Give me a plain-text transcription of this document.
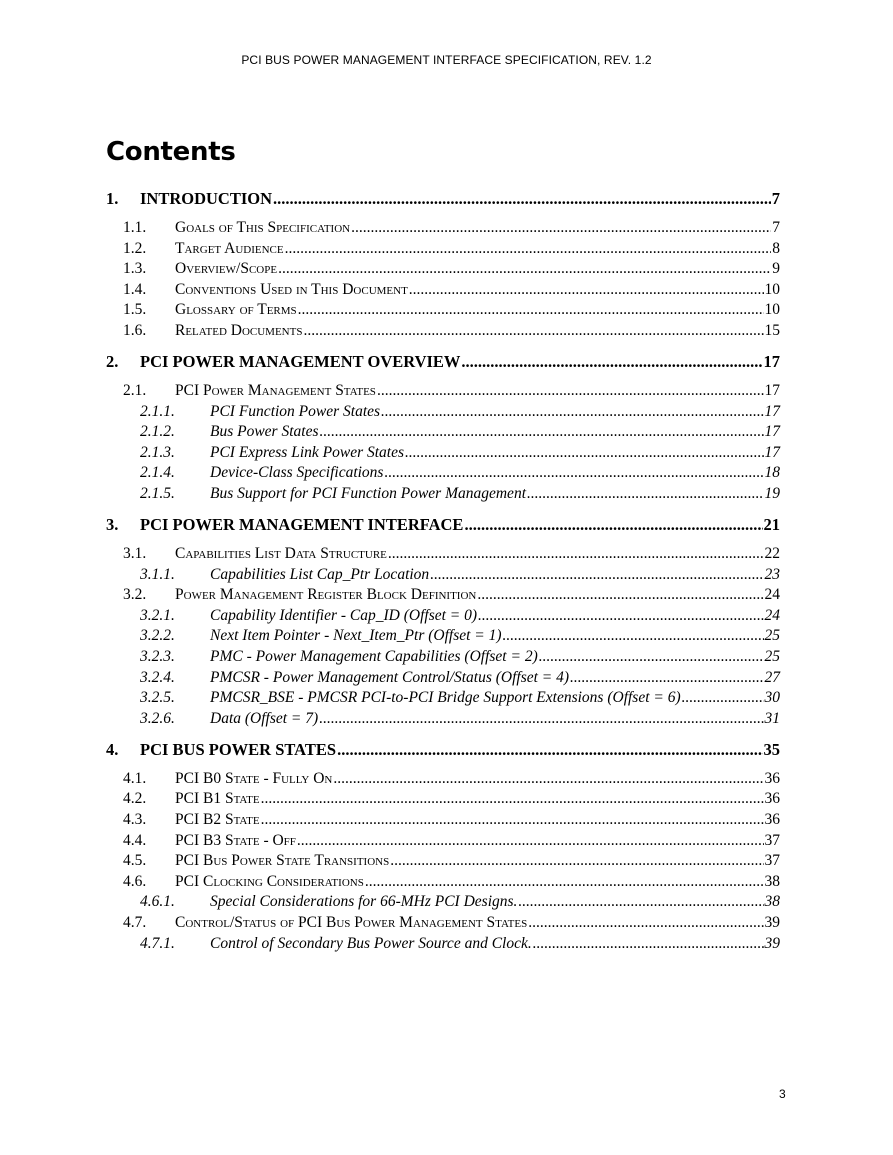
PCI BUS POWER MANAGEMENT INTERFACE SPECIFICATION, REV. 1.2
Contents
1.	INTRODUCTION .....	7
1.1.	Goals of This Specification .....	7
1.2.	Target Audience .....	8
1.3.	Overview/Scope .....	9
1.4.	Conventions Used in This Document .....	10
1.5.	Glossary of Terms .....	10
1.6.	Related Documents .....	15
2.	PCI POWER MANAGEMENT OVERVIEW .....	17
2.1.	PCI Power Management States .....	17
2.1.1.	PCI Function Power States .....	17
2.1.2.	Bus Power States .....	17
2.1.3.	PCI Express Link Power States .....	17
2.1.4.	Device-Class Specifications .....	18
2.1.5.	Bus Support for PCI Function Power Management .....	19
3.	PCI POWER MANAGEMENT INTERFACE .....	21
3.1.	Capabilities List Data Structure .....	22
3.1.1.	Capabilities List Cap_Ptr Location .....	23
3.2.	Power Management Register Block Definition .....	24
3.2.1.	Capability Identifier - Cap_ID (Offset = 0) .....	24
3.2.2.	Next Item Pointer - Next_Item_Ptr (Offset = 1) .....	25
3.2.3.	PMC - Power Management Capabilities (Offset = 2) .....	25
3.2.4.	PMCSR - Power Management Control/Status (Offset = 4) .....	27
3.2.5.	PMCSR_BSE - PMCSR PCI-to-PCI Bridge Support Extensions (Offset = 6) .....	30
3.2.6.	Data (Offset = 7) .....	31
4.	PCI BUS POWER STATES .....	35
4.1.	PCI B0 State - Fully On .....	36
4.2.	PCI B1 State .....	36
4.3.	PCI B2 State .....	36
4.4.	PCI B3 State - Off .....	37
4.5.	PCI Bus Power State Transitions .....	37
4.6.	PCI Clocking Considerations .....	38
4.6.1.	Special Considerations for 66-MHz PCI Designs. .....	38
4.7.	Control/Status of PCI Bus Power Management States .....	39
4.7.1.	Control of Secondary Bus Power Source and Clock. .....	39
3
